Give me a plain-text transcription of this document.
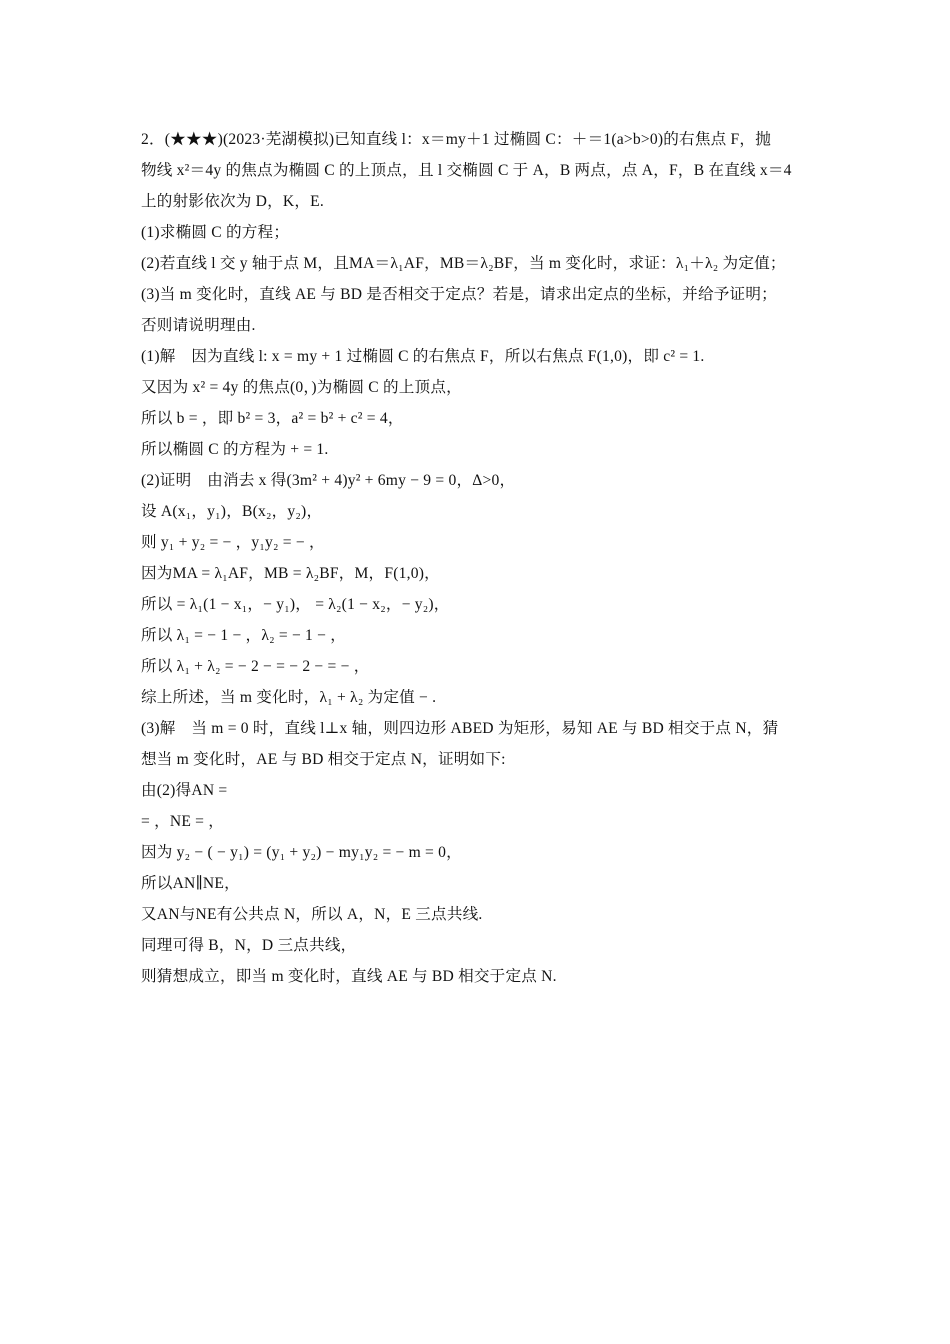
2．(★★★)(2023·芜湖模拟)已知直线 l：x＝my＋1 过椭圆 C：＋＝1(a>b>0)的右焦点 F，抛
物线 x²＝4y 的焦点为椭圆 C 的上顶点，且 l 交椭圆 C 于 A，B 两点，点 A，F，B 在直线 x＝4
上的射影依次为 D，K，E.
(1)求椭圆 C 的方程；
(2)若直线 l 交 y 轴于点 M，且MA＝λ₁AF，MB＝λ₂BF，当 m 变化时，求证：λ₁＋λ₂ 为定值；
(3)当 m 变化时，直线 AE 与 BD 是否相交于定点？若是，请求出定点的坐标，并给予证明；
否则请说明理由.
(1)解　因为直线 l: x = my + 1 过椭圆 C 的右焦点 F，所以右焦点 F(1,0)，即 c² = 1.
又因为 x² = 4y 的焦点(0，)为椭圆 C 的上顶点，
所以 b = ，即 b² = 3，a² = b² + c² = 4，
所以椭圆 C 的方程为 + = 1.
(2)证明　由消去 x 得(3m² + 4)y² + 6my − 9 = 0，Δ>0，
设 A(x₁，y₁)，B(x₂，y₂)，
则 y₁ + y₂ = − ，y₁y₂ = − ，
因为MA = λ₁AF，MB = λ₂BF，M，F(1,0)，
所以 = λ₁(1 − x₁，− y₁)， = λ₂(1 − x₂，− y₂)，
所以 λ₁ = − 1 − ，λ₂ = − 1 − ，
所以 λ₁ + λ₂ = − 2 − = − 2 − = − ，
综上所述，当 m 变化时，λ₁ + λ₂ 为定值 − .
(3)解　当 m = 0 时，直线 l⊥x 轴，则四边形 ABED 为矩形，易知 AE 与 BD 相交于点 N，猜
想当 m 变化时，AE 与 BD 相交于定点 N，证明如下:
由(2)得AN =
= ，NE = ，
因为 y₂ − ( − y₁) = (y₁ + y₂) − my₁y₂ = − m = 0，
所以AN∥NE，
又AN与NE有公共点 N，所以 A，N，E 三点共线.
同理可得 B，N，D 三点共线，
则猜想成立，即当 m 变化时，直线 AE 与 BD 相交于定点 N.
